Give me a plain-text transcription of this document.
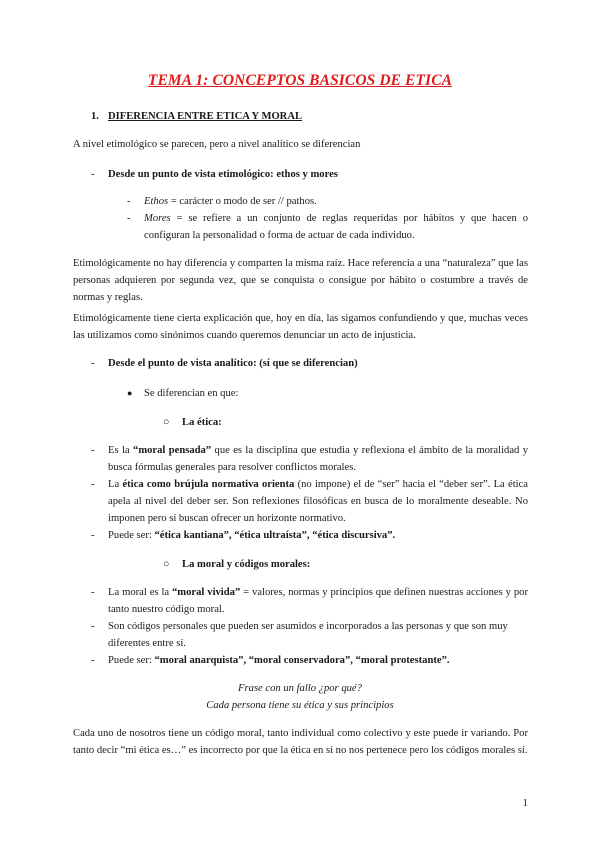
TEMA 1: CONCEPTOS BASICOS DE ETICA
1. DIFERENCIA ENTRE ETICA Y MORAL
A nivel etimológico se parecen, pero a nivel analítico se diferencian
- Desde un punto de vista etimológico: ethos y mores
- Ethos = carácter o modo de ser // pathos.
- Mores = se refiere a un conjunto de reglas requeridas por hábitos y que hacen o configuran la personalidad o forma de actuar de cada individuo.
Etimológicamente no hay diferencia y comparten la misma raíz. Hace referencia a una “naturaleza” que las personas adquieren por segunda vez, que se conquista o consigue por hábito o costumbre a través de normas y reglas.
Etimológicamente tiene cierta explicación que, hoy en día, las sigamos confundiendo y que, muchas veces las utilizamos como sinónimos cuando queremos denunciar un acto de injusticia.
- Desde el punto de vista analítico: (sí que se diferencian)
● Se diferencian en que:
○ La ética:
- Es la “moral pensada” que es la disciplina que estudia y reflexiona el ámbito de la moralidad y busca fórmulas generales para resolver conflictos morales.
- La ética como brújula normativa orienta (no impone) el de “ser” hacia el “deber ser”. La ética apela al nivel del deber ser. Son reflexiones filosóficas en busca de lo moralmente deseable. No imponen pero sí buscan ofrecer un horizonte normativo.
- Puede ser: “ética kantiana”, “ética ultraísta”, “ética discursiva”.
○ La moral y códigos morales:
- La moral es la “moral vivida” = valores, normas y principios que definen nuestras acciones y por tanto nuestro código moral.
- Son códigos personales que pueden ser asumidos e incorporados a las personas y que son muy diferentes entre sí.
- Puede ser: “moral anarquista”, “moral conservadora”, “moral protestante”.
Frase con un fallo ¿por qué?
Cada persona tiene su ética y sus principios
Cada uno de nosotros tiene un código moral, tanto individual como colectivo y este puede ir variando. Por tanto decir “mi ética es…” es incorrecto por que la ética en sí no nos pertenece pero los códigos morales sí.
1
